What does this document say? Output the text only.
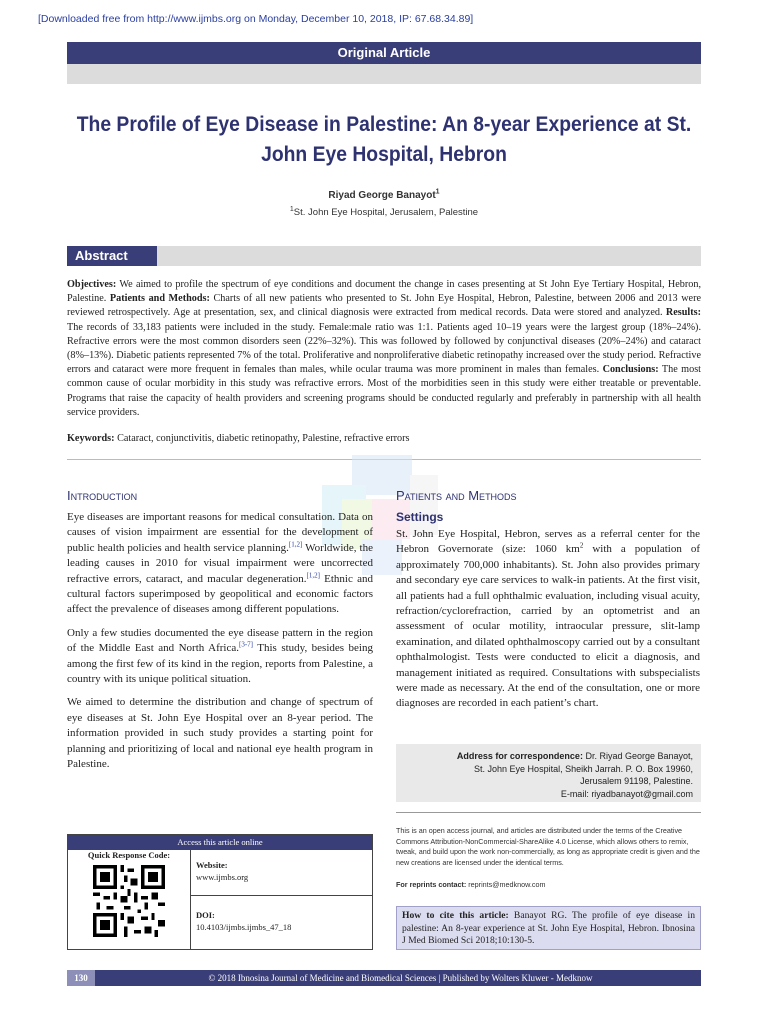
[Downloaded free from http://www.ijmbs.org on Monday, December 10, 2018, IP: 67.68.34.89]
Original Article
The Profile of Eye Disease in Palestine: An 8-year Experience at St. John Eye Hospital, Hebron
Riyad George Banayot$^1$
$^1$St. John Eye Hospital, Jerusalem, Palestine
Abstract
Objectives: We aimed to profile the spectrum of eye conditions and document the change in cases presenting at St John Eye Tertiary Hospital, Hebron, Palestine. Patients and Methods: Charts of all new patients who presented to St. John Eye Hospital, Hebron, Palestine, between 2006 and 2013 were reviewed retrospectively. Age at presentation, sex, and clinical diagnosis were extracted from medical records. Data were stored and analyzed. Results: The records of 33,183 patients were included in the study. Female:male ratio was 1:1. Patients aged 10–19 years were the largest group (18%–24%). Refractive errors were the most common disorders seen (22%–32%). This was followed by followed by conjunctival diseases (20%–24%) and cataract (8%–13%). Diabetic patients represented 7% of the total. Proliferative and nonproliferative diabetic retinopathy increased over the study period. Refractive errors and cataract were more frequent in females than males, while ocular trauma was more prominent in males than females. Conclusions: The most common cause of ocular morbidity in this study was refractive errors. Most of the morbidities seen in this study were either treatable or preventable. Programs that raise the capacity of health providers and screening programs should be conducted regularly and preferably in partnership with all health service providers.
Keywords: Cataract, conjunctivitis, diabetic retinopathy, Palestine, refractive errors
Introduction

Eye diseases are important reasons for medical consultation. Data on causes of vision impairment are essential for the development of public health policies and health service planning.[1,2] Worldwide, the leading causes in 2010 for visual impairment were uncorrected refractive errors, cataract, and macular degeneration.[1,2] Ethnic and cultural factors superimposed by geopolitical and economic factors affect the prevalence of diseases among different populations.

Only a few studies documented the eye disease pattern in the region of the Middle East and North Africa.[3-7] This study, besides being among the first few of its kind in the region, reports from Palestine, a country with its unique political situation.

We aimed to determine the distribution and change of spectrum of eye diseases at St. John Eye Hospital over an 8-year period. The information provided in such study provides a starting point for planning and prioritizing of local and national eye health program in Palestine.

Patients and Methods
Settings
St. John Eye Hospital, Hebron, serves as a referral center for the Hebron Governorate (size: 1060 $km^2$ with a population of approximately 700,000 inhabitants). St. John also provides primary and secondary eye care services to walk-in patients. At the first visit, all patients had a full ophthalmic evaluation, including visual acuity, refraction/cyclorefraction, carried by an optometrist and an assessment of ocular motility, intraocular pressure, slit-lamp examination, and dilated ophthalmoscopy carried out by a consultant ophthalmologist. Tests were conducted to elicit a diagnosis, and management initiated as required. Consultations with subspecialists were made as necessary. At the end of the consultation, one or more diagnoses are recorded in each patient’s chart.
Address for correspondence: Dr. Riyad George Banayot,
St. John Eye Hospital, Sheikh Jarrah. P. O. Box 19960,
Jerusalem 91198, Palestine.
E-mail: riyadbanayot@gmail.com
This is an open access journal, and articles are distributed under the terms of the Creative Commons Attribution-NonCommercial-ShareAlike 4.0 License, which allows others to remix, tweak, and build upon the work non-commercially, as long as appropriate credit is given and the new creations are licensed under the identical terms.
For reprints contact: reprints@medknow.com
How to cite this article: Banayot RG. The profile of eye disease in palestine: An 8-year experience at St. John Eye Hospital, Hebron. Ibnosina J Med Biomed Sci 2018;10:130-5.
Access this article online
Quick Response Code:
Website:
www.ijmbs.org
DOI:
10.4103/ijmbs.ijmbs_47_18
130	© 2018 Ibnosina Journal of Medicine and Biomedical Sciences | Published by Wolters Kluwer - Medknow
